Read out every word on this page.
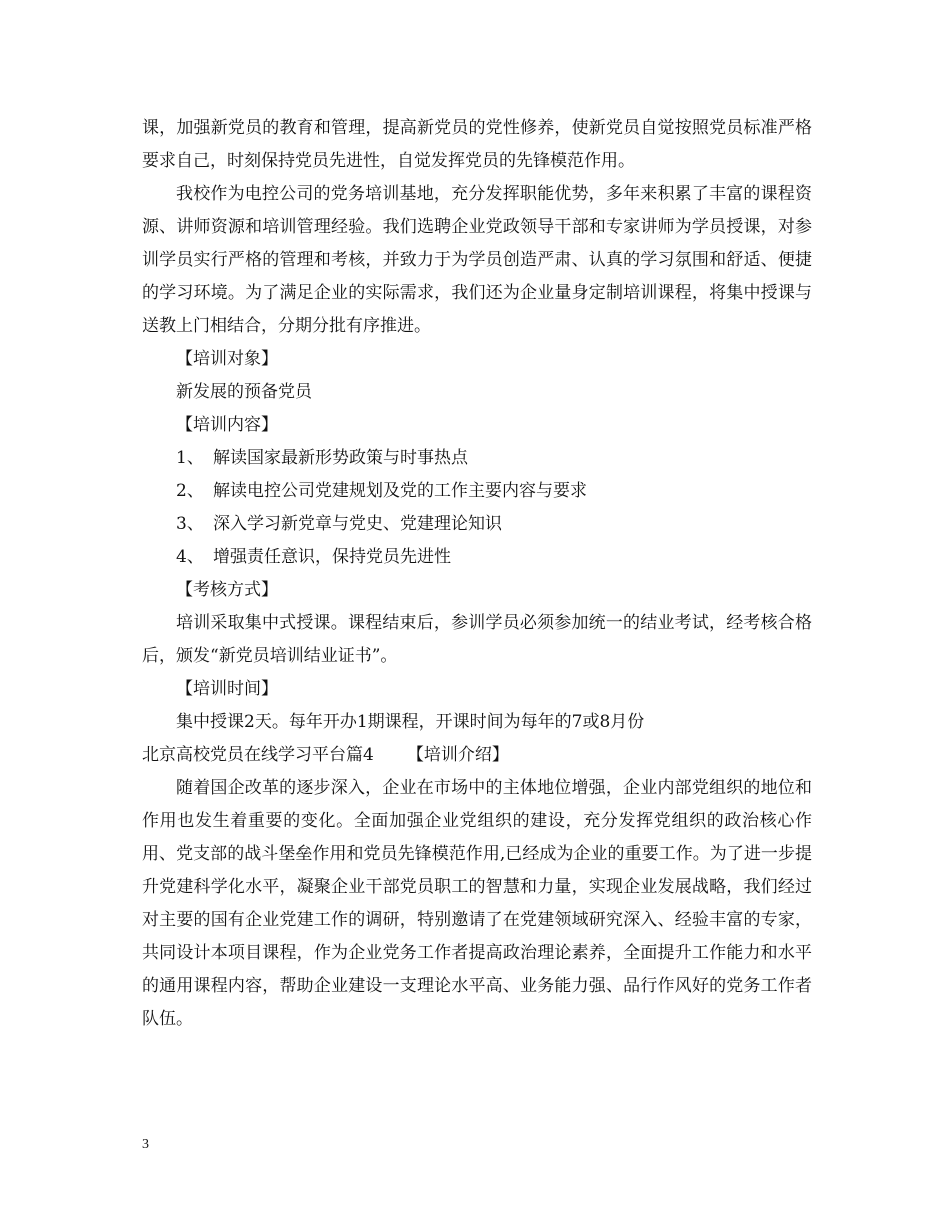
课，加强新党员的教育和管理，提高新党员的党性修养，使新党员自觉按照党员标准严格要求自己，时刻保持党员先进性，自觉发挥党员的先锋模范作用。

我校作为电控公司的党务培训基地，充分发挥职能优势，多年来积累了丰富的课程资源、讲师资源和培训管理经验。我们选聘企业党政领导干部和专家讲师为学员授课，对参训学员实行严格的管理和考核，并致力于为学员创造严肃、认真的学习氛围和舒适、便捷的学习环境。为了满足企业的实际需求，我们还为企业量身定制培训课程，将集中授课与送教上门相结合，分期分批有序推进。

【培训对象】

新发展的预备党员

【培训内容】

1、 解读国家最新形势政策与时事热点

2、 解读电控公司党建规划及党的工作主要内容与要求

3、 深入学习新党章与党史、党建理论知识

4、 增强责任意识，保持党员先进性

【考核方式】

培训采取集中式授课。课程结束后，参训学员必须参加统一的结业考试，经考核合格后，颁发“新党员培训结业证书”。

【培训时间】

集中授课2天。每年开办1期课程，开课时间为每年的7或8月份

北京高校党员在线学习平台篇4 【培训介绍】

随着国企改革的逐步深入，企业在市场中的主体地位增强，企业内部党组织的地位和作用也发生着重要的变化。全面加强企业党组织的建设，充分发挥党组织的政治核心作用、党支部的战斗堡垒作用和党员先锋模范作用,已经成为企业的重要工作。为了进一步提升党建科学化水平，凝聚企业干部党员职工的智慧和力量，实现企业发展战略，我们经过对主要的国有企业党建工作的调研，特别邀请了在党建领域研究深入、经验丰富的专家，共同设计本项目课程，作为企业党务工作者提高政治理论素养，全面提升工作能力和水平的通用课程内容，帮助企业建设一支理论水平高、业务能力强、品行作风好的党务工作者队伍。

3
